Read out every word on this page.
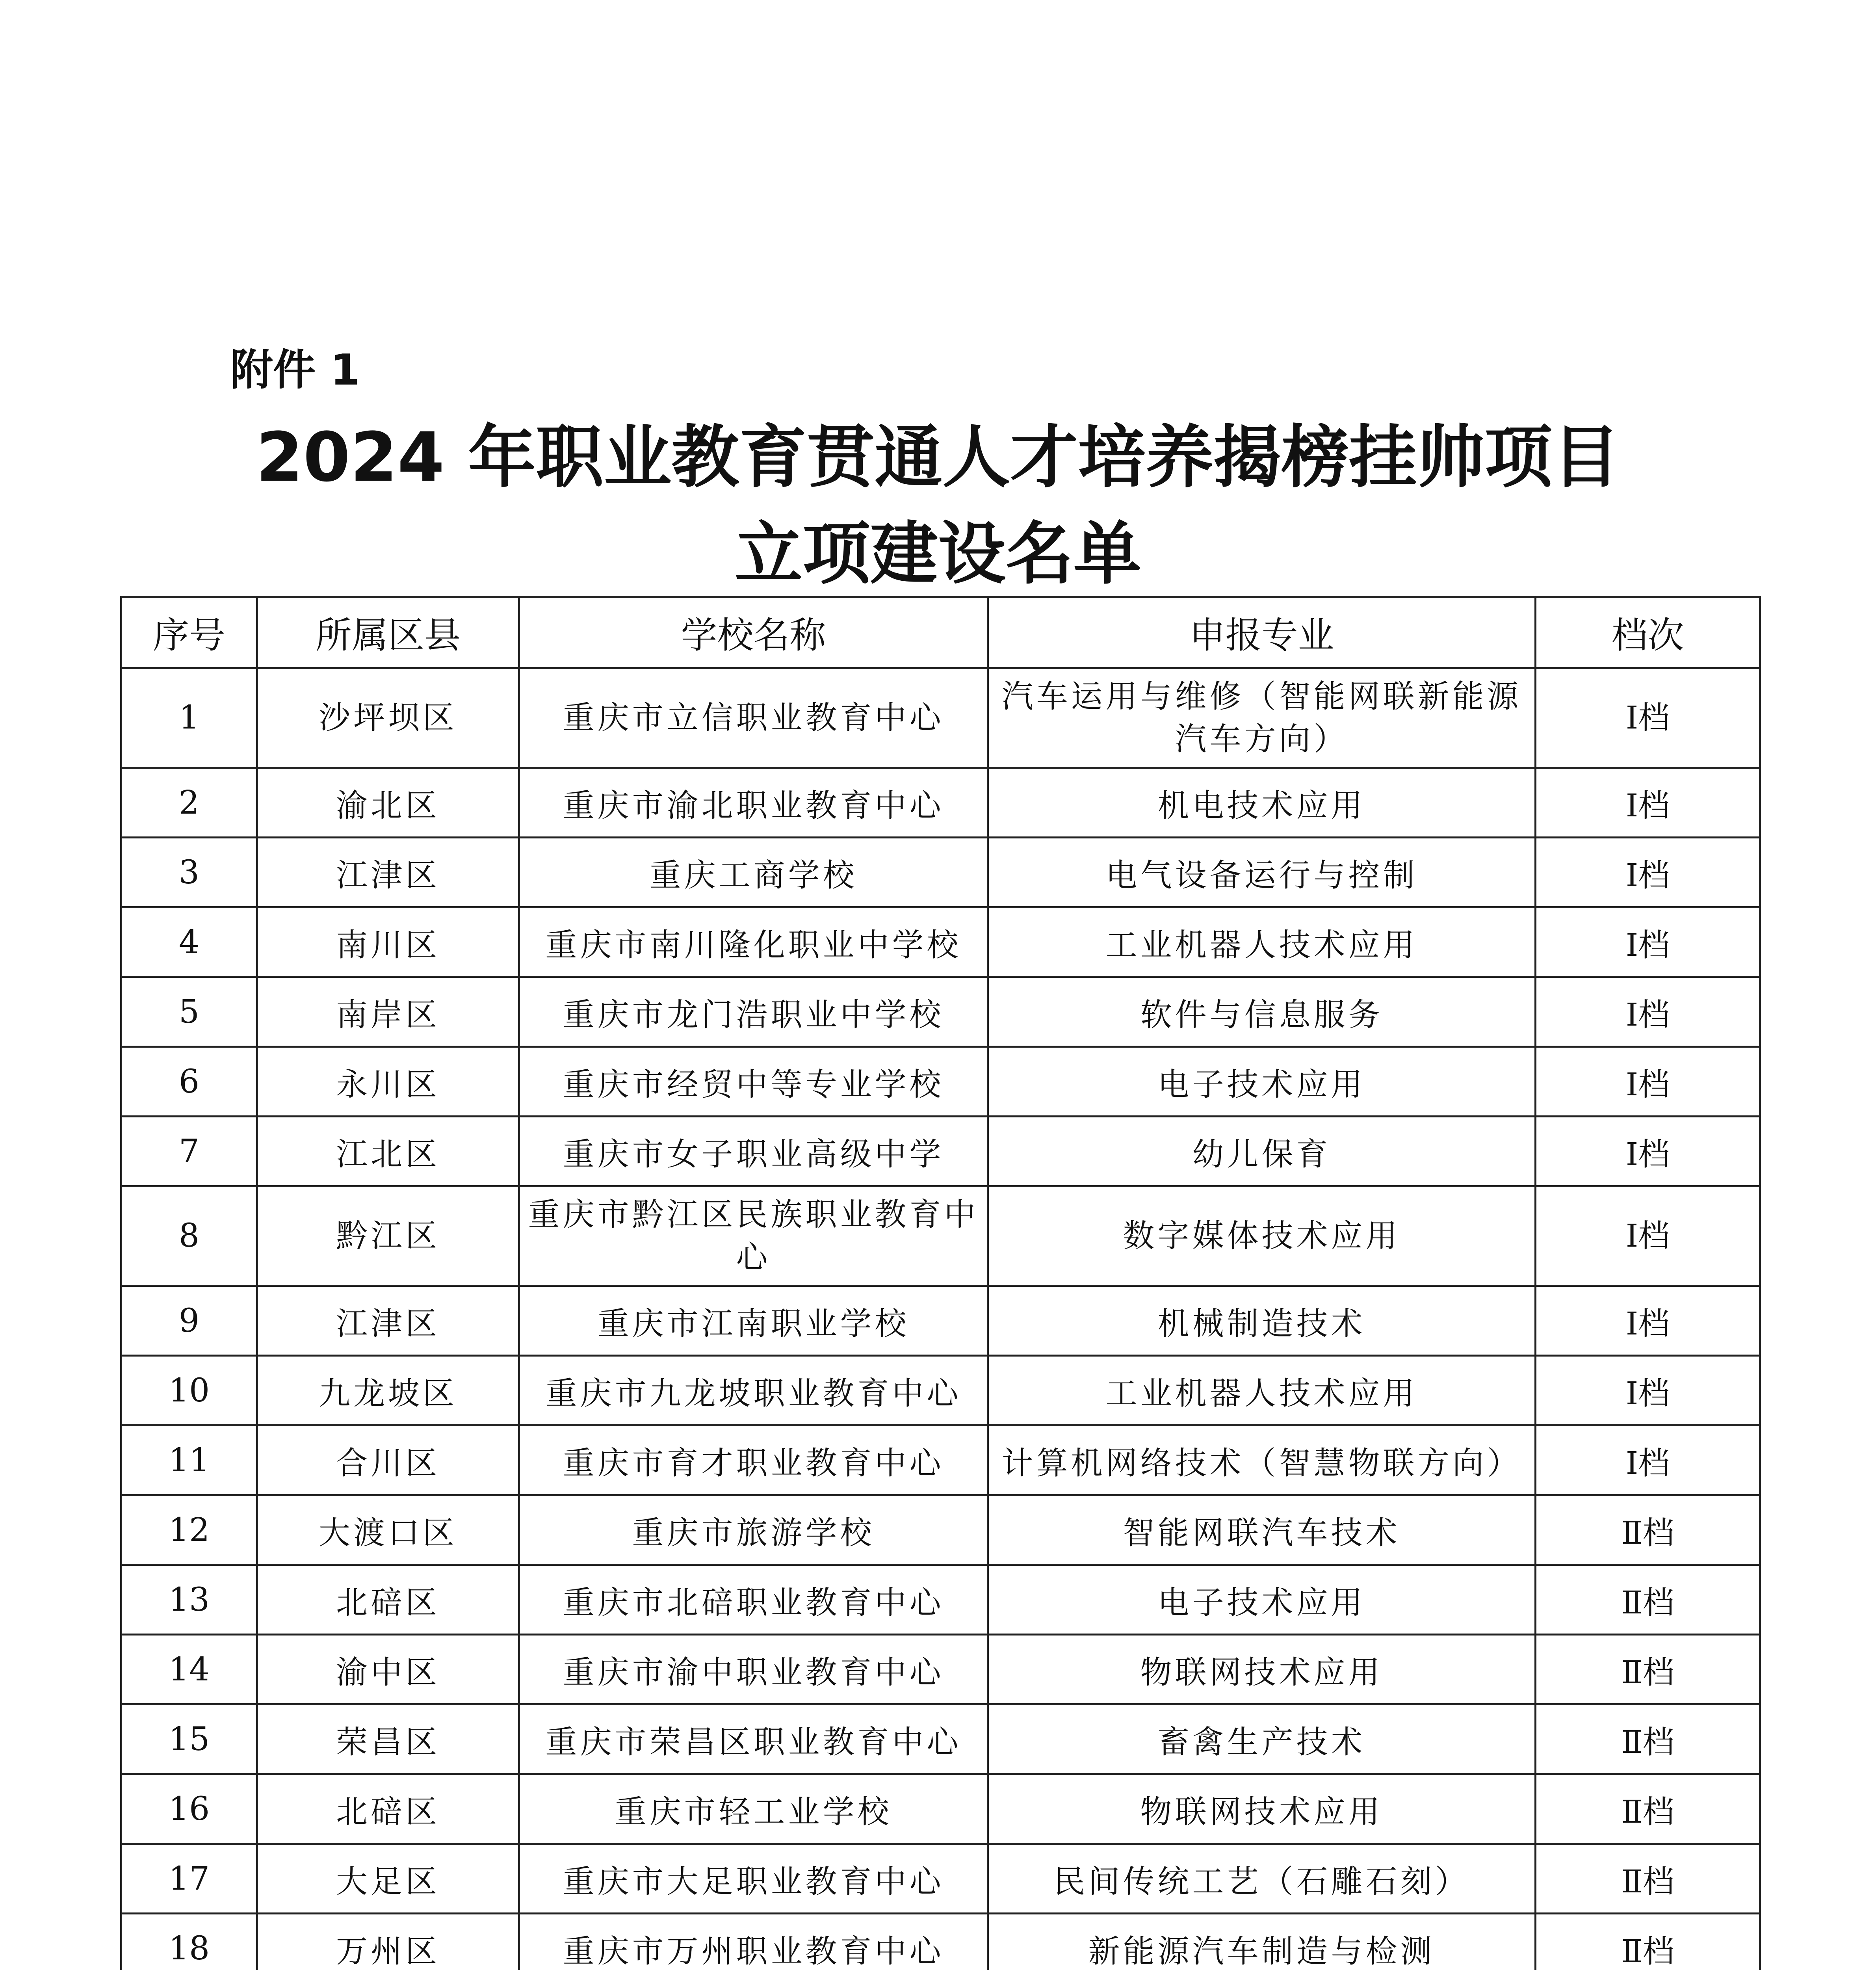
附件 1
2024 年职业教育贯通人才培养揭榜挂帅项目
立项建设名单
序号	所属区县	学校名称	申报专业	档次
1	沙坪坝区	重庆市立信职业教育中心	汽车运用与维修（智能网联新能源汽车方向）	Ⅰ档
2	渝北区	重庆市渝北职业教育中心	机电技术应用	Ⅰ档
3	江津区	重庆工商学校	电气设备运行与控制	Ⅰ档
4	南川区	重庆市南川隆化职业中学校	工业机器人技术应用	Ⅰ档
5	南岸区	重庆市龙门浩职业中学校	软件与信息服务	Ⅰ档
6	永川区	重庆市经贸中等专业学校	电子技术应用	Ⅰ档
7	江北区	重庆市女子职业高级中学	幼儿保育	Ⅰ档
8	黔江区	重庆市黔江区民族职业教育中心	数字媒体技术应用	Ⅰ档
9	江津区	重庆市江南职业学校	机械制造技术	Ⅰ档
10	九龙坡区	重庆市九龙坡职业教育中心	工业机器人技术应用	Ⅰ档
11	合川区	重庆市育才职业教育中心	计算机网络技术（智慧物联方向）	Ⅰ档
12	大渡口区	重庆市旅游学校	智能网联汽车技术	Ⅱ档
13	北碚区	重庆市北碚职业教育中心	电子技术应用	Ⅱ档
14	渝中区	重庆市渝中职业教育中心	物联网技术应用	Ⅱ档
15	荣昌区	重庆市荣昌区职业教育中心	畜禽生产技术	Ⅱ档
16	北碚区	重庆市轻工业学校	物联网技术应用	Ⅱ档
17	大足区	重庆市大足职业教育中心	民间传统工艺（石雕石刻）	Ⅱ档
18	万州区	重庆市万州职业教育中心	新能源汽车制造与检测	Ⅱ档
